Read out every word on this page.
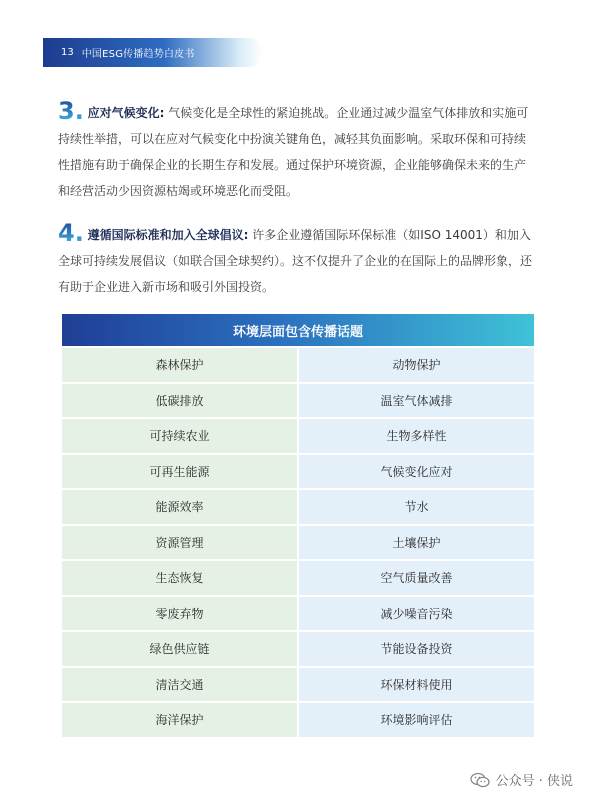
13 中国ESG传播趋势白皮书

3. 应对气候变化: 气候变化是全球性的紧迫挑战。企业通过减少温室气体排放和实施可持续性举措，可以在应对气候变化中扮演关键角色，减轻其负面影响。采取环保和可持续性措施有助于确保企业的长期生存和发展。通过保护环境资源，企业能够确保未来的生产和经营活动少因资源枯竭或环境恶化而受阻。

4. 遵循国际标准和加入全球倡议: 许多企业遵循国际环保标准（如ISO 14001）和加入全球可持续发展倡议（如联合国全球契约）。这不仅提升了企业的在国际上的品牌形象，还有助于企业进入新市场和吸引外国投资。

环境层面包含传播话题
森林保护	动物保护
低碳排放	温室气体减排
可持续农业	生物多样性
可再生能源	气候变化应对
能源效率	节水
资源管理	土壤保护
生态恢复	空气质量改善
零废弃物	减少噪音污染
绿色供应链	节能设备投资
清洁交通	环保材料使用
海洋保护	环境影响评估
公众号 · 侠说
